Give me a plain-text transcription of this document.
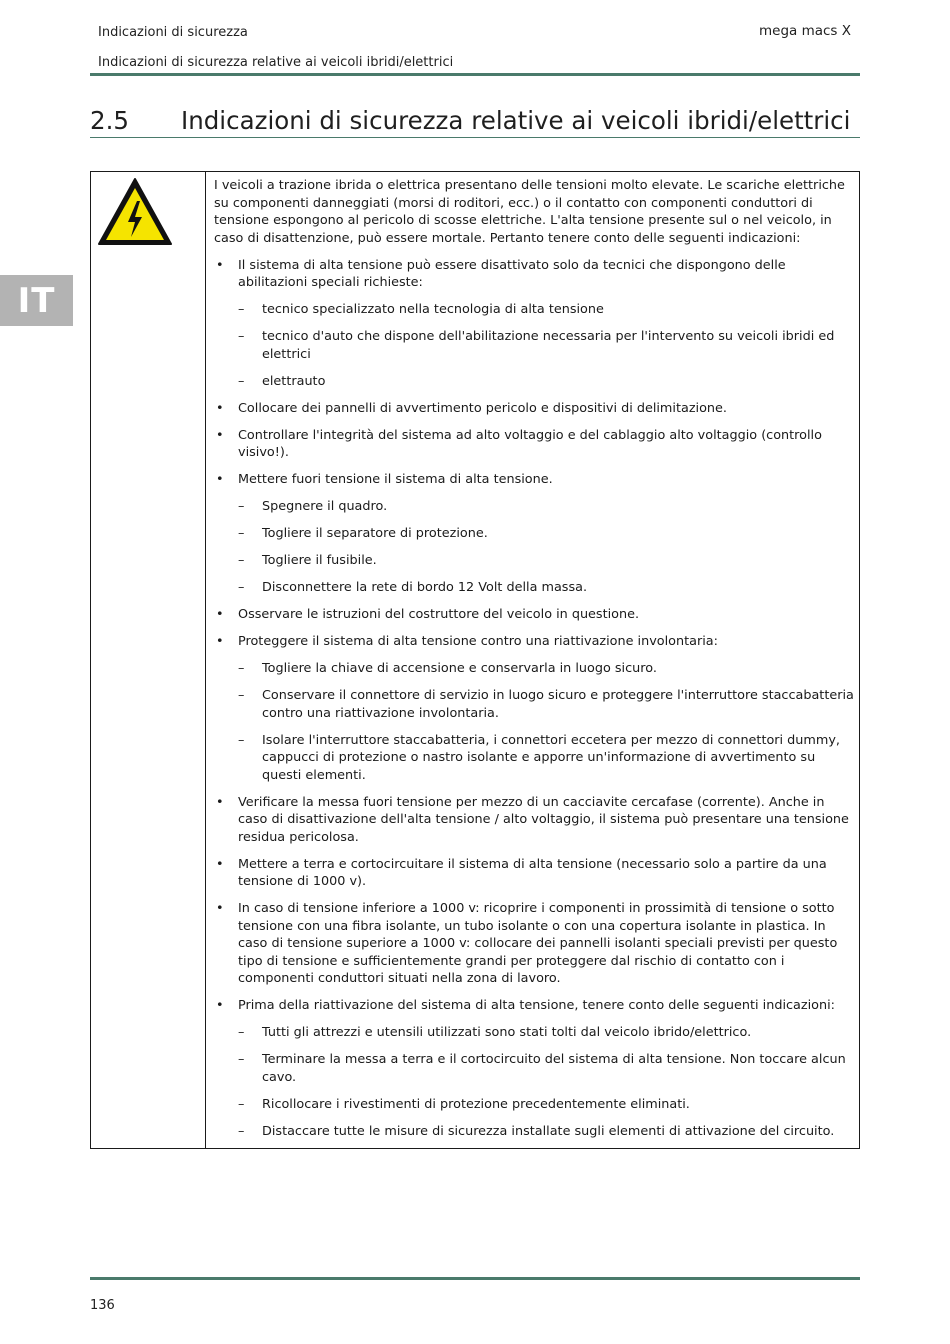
Indicazioni di sicurezza	mega macs X
Indicazioni di sicurezza relative ai veicoli ibridi/elettrici
IT
2.5 Indicazioni di sicurezza relative ai veicoli ibridi/elettrici

I veicoli a trazione ibrida o elettrica presentano delle tensioni molto elevate. Le scariche elettriche su componenti danneggiati (morsi di roditori, ecc.) o il contatto con componenti conduttori di tensione espongono al pericolo di scosse elettriche. L'alta tensione presente sul o nel veicolo, in caso di disattenzione, può essere mortale. Pertanto tenere conto delle seguenti indicazioni:

• Il sistema di alta tensione può essere disattivato solo da tecnici che dispongono delle abilitazioni speciali richieste:
– tecnico specializzato nella tecnologia di alta tensione
– tecnico d'auto che dispone dell'abilitazione necessaria per l'intervento su veicoli ibridi ed elettrici
– elettrauto
• Collocare dei pannelli di avvertimento pericolo e dispositivi di delimitazione.
• Controllare l'integrità del sistema ad alto voltaggio e del cablaggio alto voltaggio (controllo visivo!).
• Mettere fuori tensione il sistema di alta tensione.
– Spegnere il quadro.
– Togliere il separatore di protezione.
– Togliere il fusibile.
– Disconnettere la rete di bordo 12 Volt della massa.
• Osservare le istruzioni del costruttore del veicolo in questione.
• Proteggere il sistema di alta tensione contro una riattivazione involontaria:
– Togliere la chiave di accensione e conservarla in luogo sicuro.
– Conservare il connettore di servizio in luogo sicuro e proteggere l'interruttore staccabatteria contro una riattivazione involontaria.
– Isolare l'interruttore staccabatteria, i connettori eccetera per mezzo di connettori dummy, cappucci di protezione o nastro isolante e apporre un'informazione di avvertimento su questi elementi.
• Verificare la messa fuori tensione per mezzo di un cacciavite cercafase (corrente). Anche in caso di disattivazione dell'alta tensione / alto voltaggio, il sistema può presentare una tensione residua pericolosa.
• Mettere a terra e cortocircuitare il sistema di alta tensione (necessario solo a partire da una tensione di 1000 v).
• In caso di tensione inferiore a 1000 v: ricoprire i componenti in prossimità di tensione o sotto tensione con una fibra isolante, un tubo isolante o con una copertura isolante in plastica. In caso di tensione superiore a 1000 v: collocare dei pannelli isolanti speciali previsti per questo tipo di tensione e sufficientemente grandi per proteggere dal rischio di contatto con i componenti conduttori situati nella zona di lavoro.
• Prima della riattivazione del sistema di alta tensione, tenere conto delle seguenti indicazioni:
– Tutti gli attrezzi e utensili utilizzati sono stati tolti dal veicolo ibrido/elettrico.
– Terminare la messa a terra e il cortocircuito del sistema di alta tensione. Non toccare alcun cavo.
– Ricollocare i rivestimenti di protezione precedentemente eliminati.
– Distaccare tutte le misure di sicurezza installate sugli elementi di attivazione del circuito.
136
